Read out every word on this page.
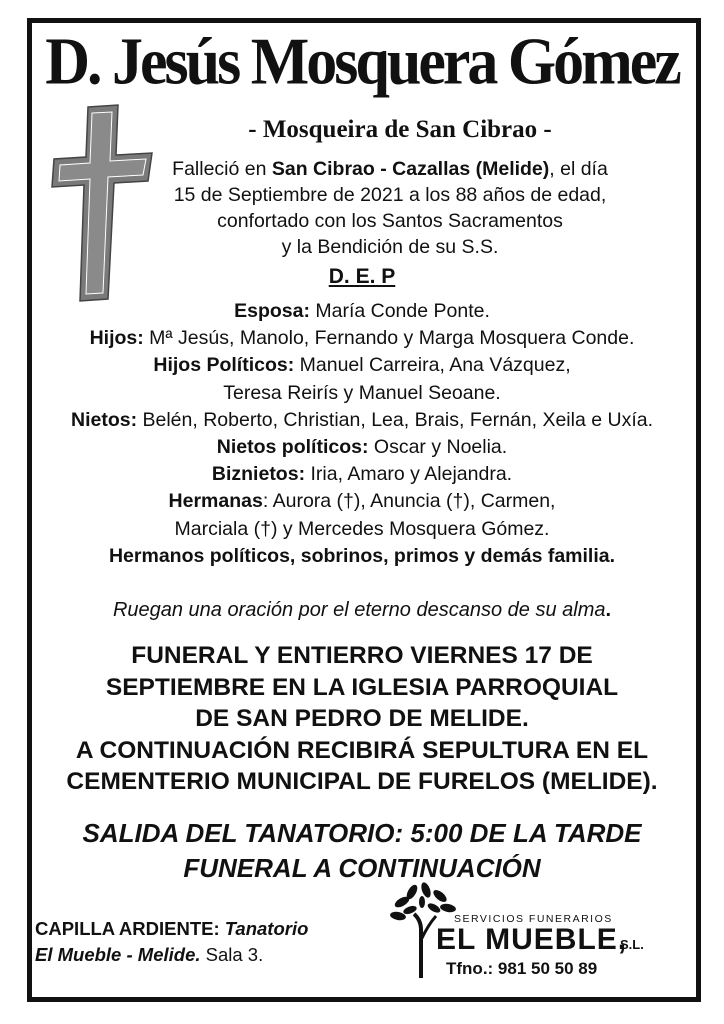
D. Jesús Mosquera Gómez
- Mosqueira de San Cibrao -
Falleció en San Cibrao - Cazallas (Melide), el día
15 de Septiembre de 2021 a los 88 años de edad,
confortado con los Santos Sacramentos
y la Bendición de su S.S.
D. E. P
Esposa: María Conde Ponte.
Hijos: Mª Jesús, Manolo, Fernando y Marga Mosquera Conde.
Hijos Políticos: Manuel Carreira, Ana Vázquez,
Teresa Reirís y Manuel Seoane.
Nietos: Belén, Roberto, Christian, Lea, Brais, Fernán, Xeila e Uxía.
Nietos políticos: Oscar y Noelia.
Biznietos: Iria, Amaro y Alejandra.
Hermanas: Aurora (†), Anuncia (†), Carmen,
Marciala (†) y Mercedes Mosquera Gómez.
Hermanos políticos, sobrinos, primos y demás familia.
Ruegan una oración por el eterno descanso de su alma.
FUNERAL Y ENTIERRO VIERNES 17 DE
SEPTIEMBRE EN LA IGLESIA PARROQUIAL
DE SAN PEDRO DE MELIDE.
A CONTINUACIÓN RECIBIRÁ SEPULTURA EN EL
CEMENTERIO MUNICIPAL DE FURELOS (MELIDE).
SALIDA DEL TANATORIO: 5:00 DE LA TARDE
FUNERAL A CONTINUACIÓN
CAPILLA ARDIENTE: Tanatorio
El Mueble - Melide. Sala 3.
SERVICIOS FUNERARIOS
EL MUEBLE,
S.L.
Tfno.: 981 50 50 89
